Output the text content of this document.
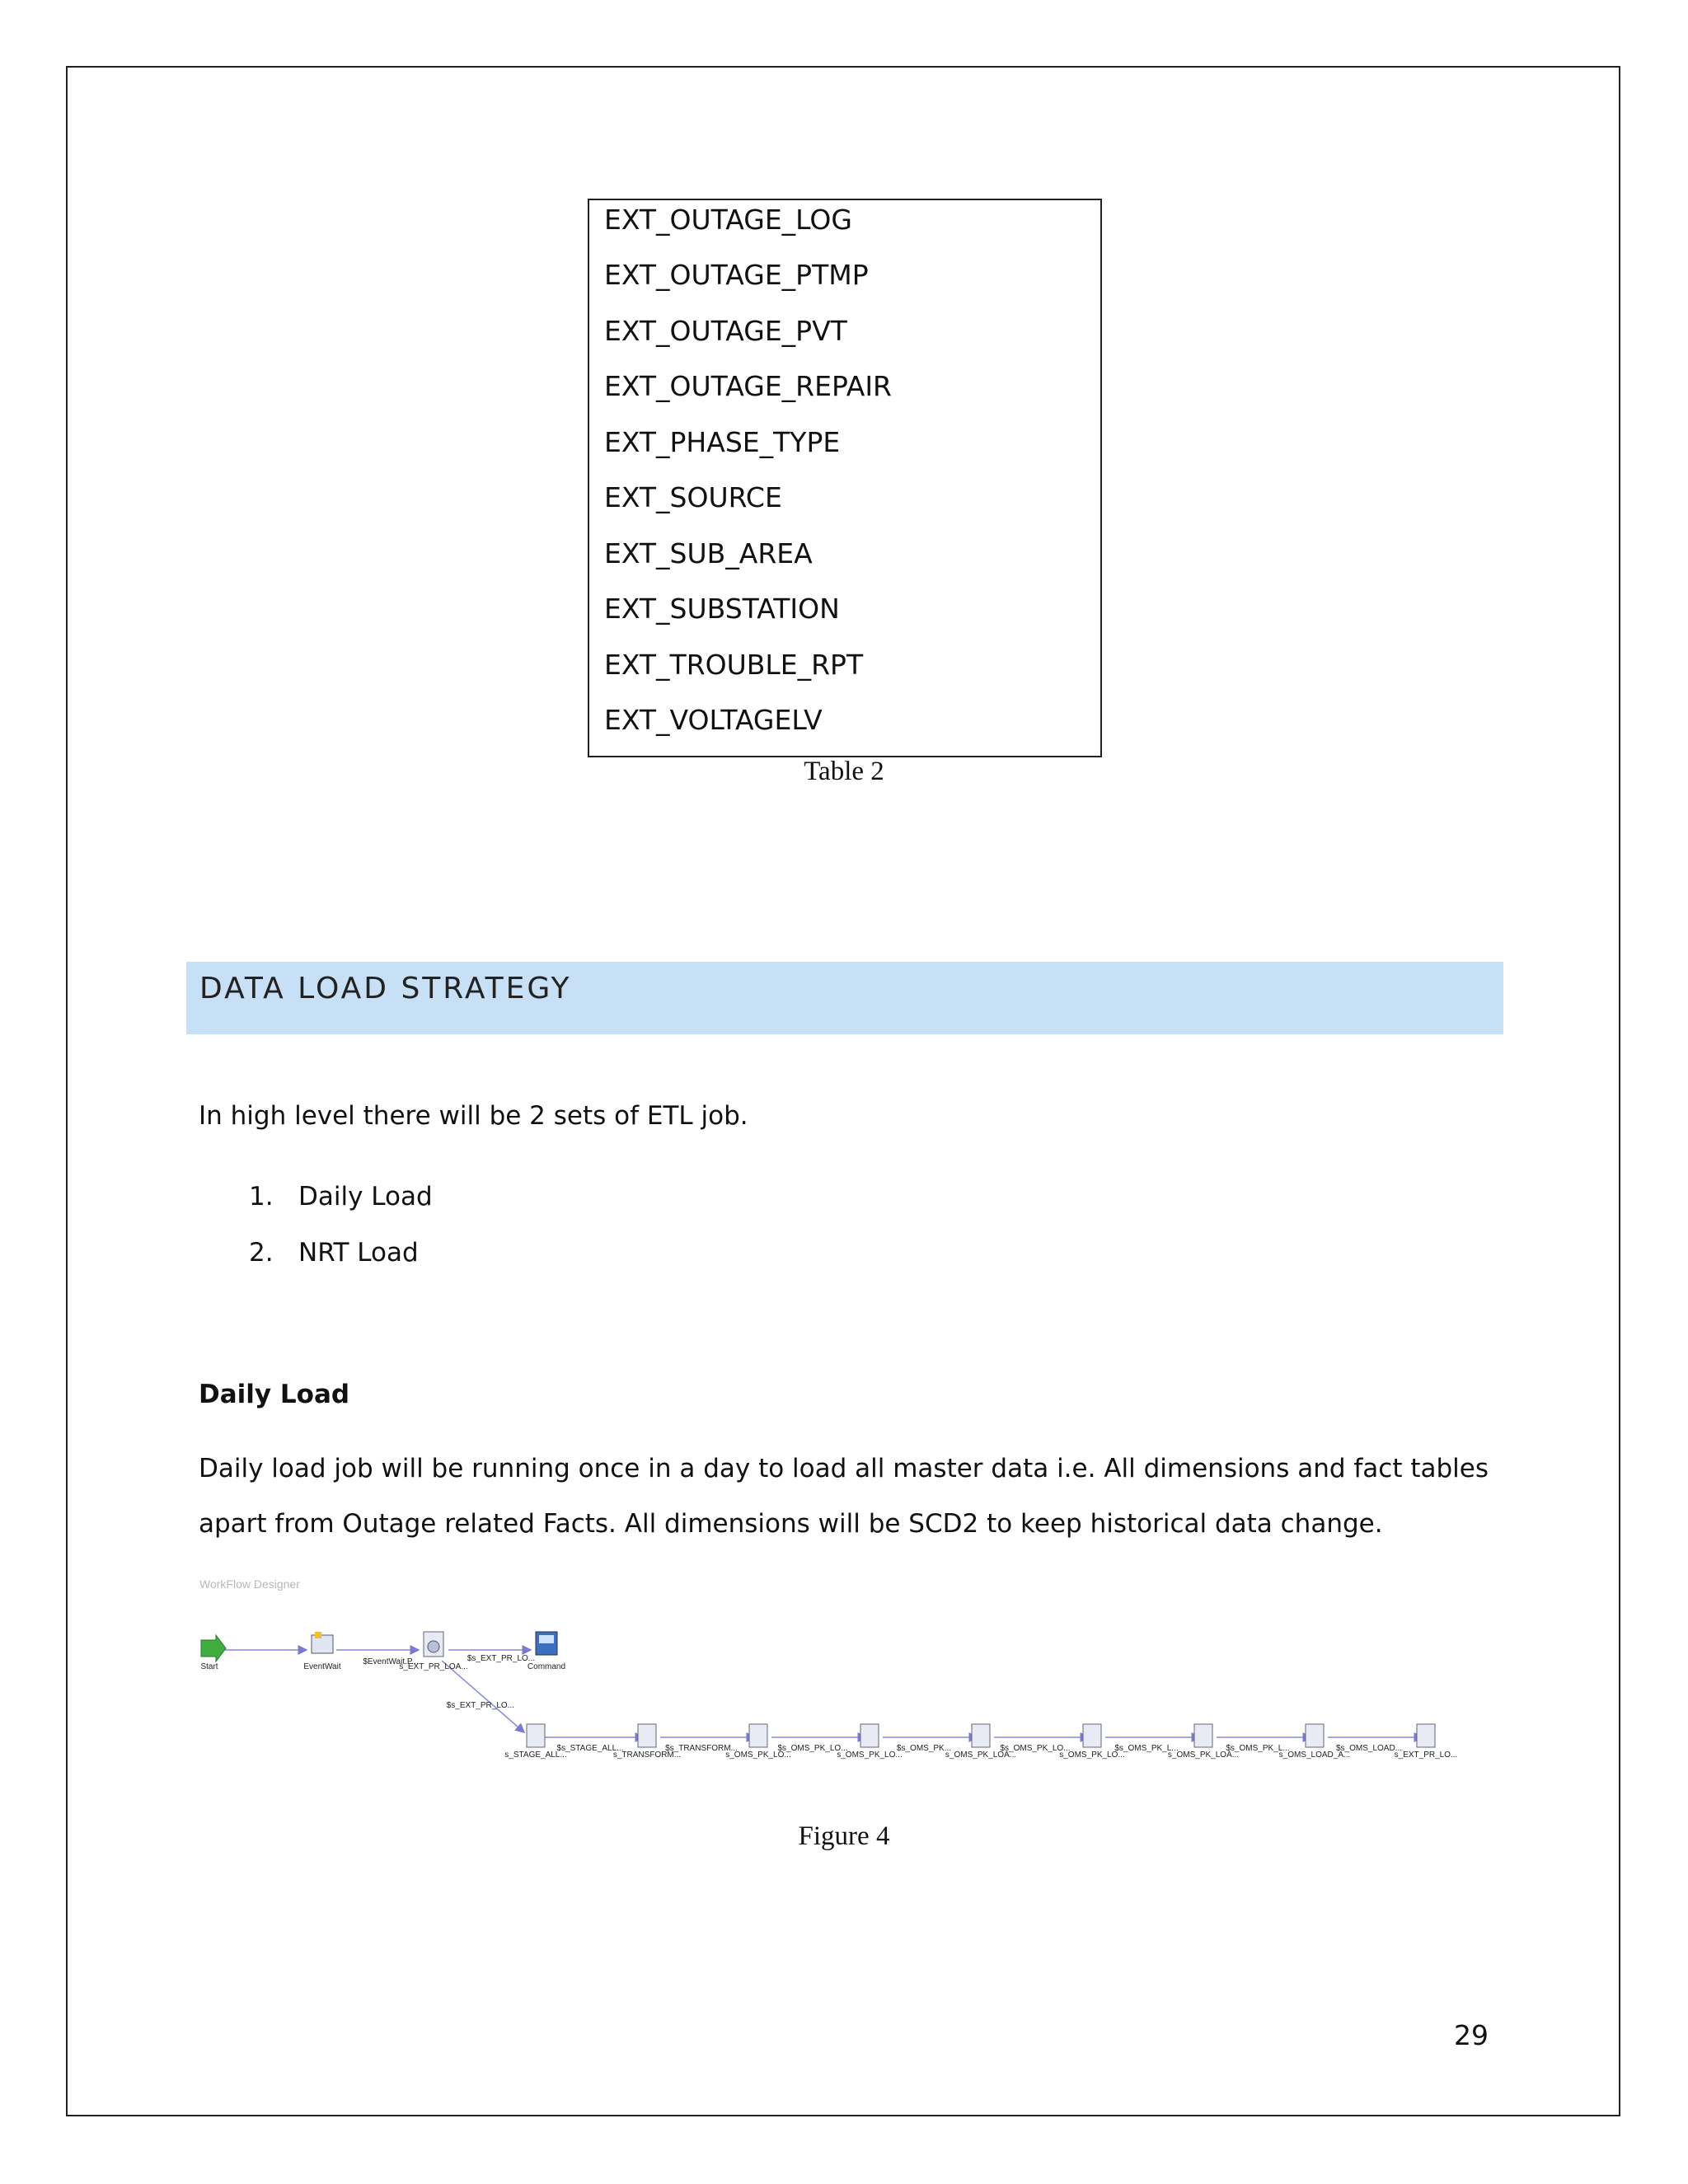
EXT_OUTAGE_LOG
EXT_OUTAGE_PTMP
EXT_OUTAGE_PVT
EXT_OUTAGE_REPAIR
EXT_PHASE_TYPE
EXT_SOURCE
EXT_SUB_AREA
EXT_SUBSTATION
EXT_TROUBLE_RPT
EXT_VOLTAGELV
Table 2
DATA LOAD STRATEGY
In high level there will be 2 sets of ETL job.
1. Daily Load
2. NRT Load
Daily Load
Daily load job will be running once in a day to load all master data i.e. All dimensions and fact tables
apart from Outage related Facts. All dimensions will be SCD2 to keep historical data change.
WorkFlow Designer
Start	EventWait	s_EXT_PR_LOA...	Command
$EventWait.P...	$s_EXT_PR_LO...
$s_EXT_PR_LO...
s_STAGE_ALL...	s_TRANSFORM...	s_OMS_PK_LO...	s_OMS_PK_LO...	s_OMS_PK_LOA...	s_OMS_PK_LO...	s_OMS_PK_LOA...	s_OMS_LOAD_A...	s_EXT_PR_LO...
$s_STAGE_ALL...	$s_TRANSFORM...	$s_OMS_PK_LO...	$s_OMS_PK...	$s_OMS_PK_LO...	$s_OMS_PK_L...	$s_OMS_PK_L...	$s_OMS_LOAD...
Figure 4
29
